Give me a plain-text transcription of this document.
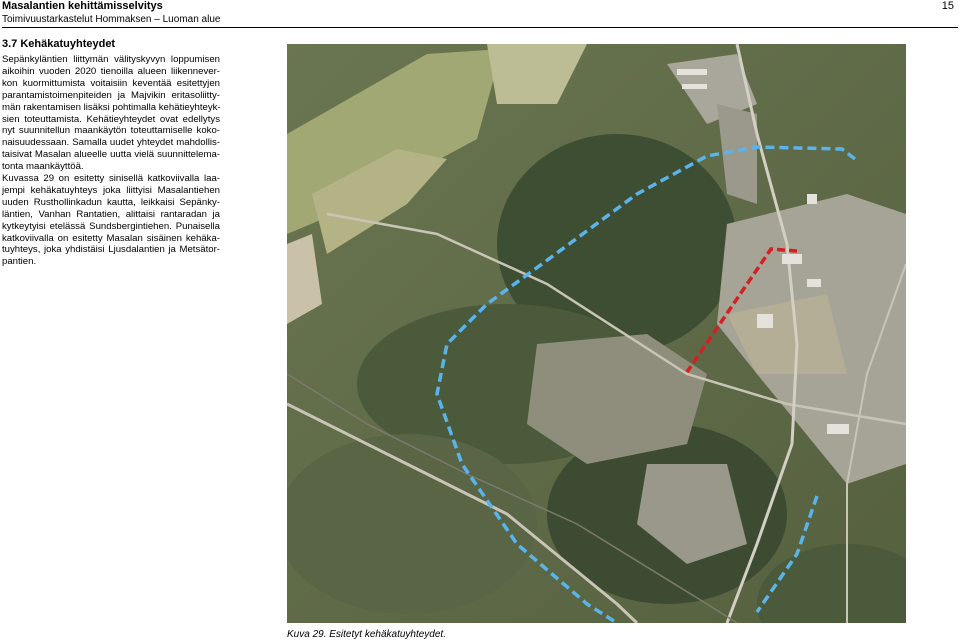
Masalantien kehittämisselvitys
Toimivuustarkastelut Hommaksen – Luoman alue
15
3.7 Kehäkatuyhteydet
Sepänkyläntien liittymän välityskyvyn loppumisen
aikoihin vuoden 2020 tienoilla alueen liikennever-
kon kuormittumista voitaisiin keventää esitettyjen
parantamistoimenpiteiden ja Majvikin eritasoliitty-
män rakentamisen lisäksi pohtimalla kehätieyhteyk-
sien toteuttamista. Kehätieyhteydet ovat edellytys
nyt suunnitellun maankäytön toteuttamiselle koko-
naisuudessaan. Samalla uudet yhteydet mahdollis-
taisivat Masalan alueelle uutta vielä suunnittelema-
tonta maankäyttöä.
Kuvassa 29 on esitetty sinisellä katkoviivalla laa-
jempi kehäkatuyhteys joka liittyisi Masalantiehen
uuden Rusthollinkadun kautta, leikkaisi Sepänky-
läntien, Vanhan Rantatien, alittaisi rantaradan ja
kytkeytyisi etelässä Sundsbergintiehen. Punaisella
katkoviivalla on esitetty Masalan sisäinen kehäka-
tuyhteys, joka yhdistäisi Ljusdalantien ja Metsätor-
pantien.
Kuva 29. Esitetyt kehäkatuyhteydet.
